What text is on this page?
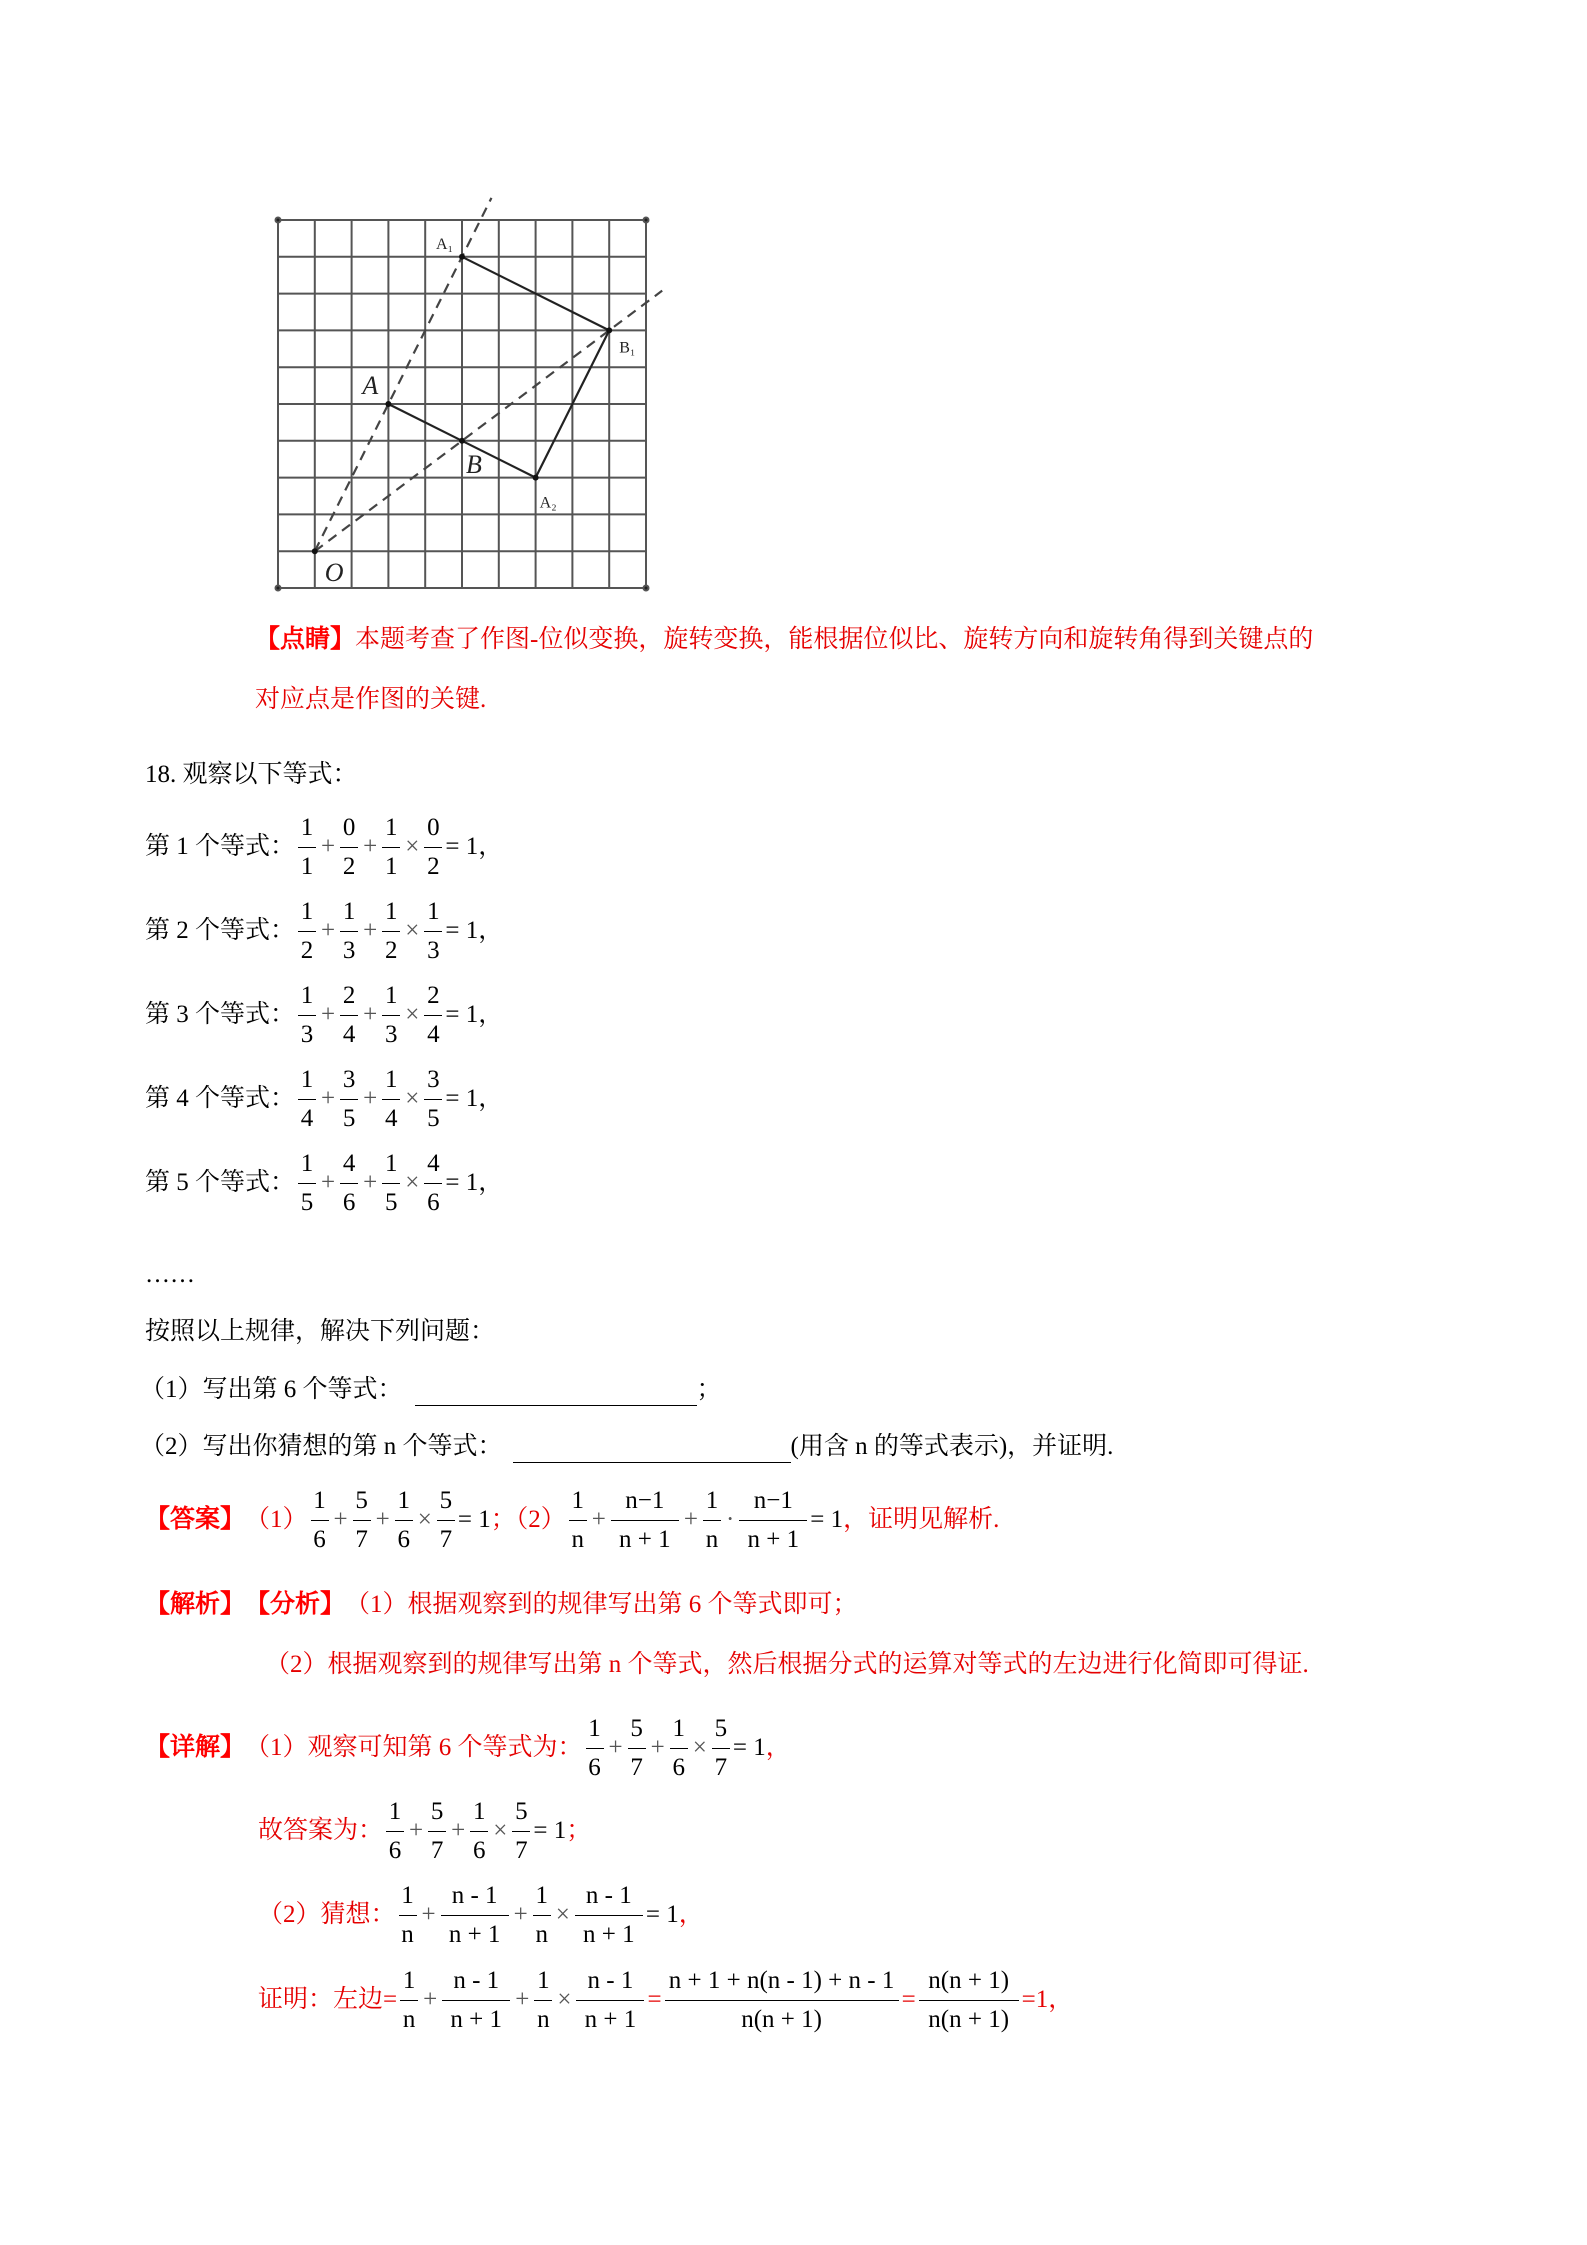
O
A
B
A₁
B₁
A₂
【点睛】 本题考查了作图-位似变换，旋转变换，能根据位似比、旋转方向和旋转角得到关键点的
对应点是作图的关键.
18. 观察以下等式：
第 1 个等式： $\frac{1}{1} + \frac{0}{2} + \frac{1}{1} \times \frac{0}{2} = 1$，
第 2 个等式： $\frac{1}{2} + \frac{1}{3} + \frac{1}{2} \times \frac{1}{3} = 1$，
第 3 个等式： $\frac{1}{3} + \frac{2}{4} + \frac{1}{3} \times \frac{2}{4} = 1$，
第 4 个等式： $\frac{1}{4} + \frac{3}{5} + \frac{1}{4} \times \frac{3}{5} = 1$，
第 5 个等式： $\frac{1}{5} + \frac{4}{6} + \frac{1}{5} \times \frac{4}{6} = 1$，
……
按照以上规律，解决下列问题：
（1）写出第 6 个等式：	；
（2）写出你猜想的第 n 个等式：	(用含 n 的等式表示)，并证明.
【答案】 $(1) \frac{1}{6} + \frac{5}{7} + \frac{1}{6} \times \frac{5}{7} = 1$ ；$(2) \frac{1}{n} + \frac{n-1}{n + 1} + \frac{1}{n} \cdot \frac{n-1}{n + 1} = 1$ ，证明见解析.
【解析】 【分析】 （1）根据观察到的规律写出第 6 个等式即可；
（2）根据观察到的规律写出第 n 个等式，然后根据分式的运算对等式的左边进行化简即可得证.
【详解】 （1）观察可知第 6 个等式为： $\frac{1}{6} + \frac{5}{7} + \frac{1}{6} \times \frac{5}{7} = 1$ ，
故答案为： $\frac{1}{6} + \frac{5}{7} + \frac{1}{6} \times \frac{5}{7} = 1$ ；
（2）猜想： $\frac{1}{n} + \frac{n - 1}{n + 1} + \frac{1}{n} \times \frac{n - 1}{n + 1} = 1$ ，
证明：左边 = $\frac{1}{n} + \frac{n - 1}{n + 1} + \frac{1}{n} \times \frac{n - 1}{n + 1} = \frac{n + 1 + n(n - 1) + n - 1}{n(n + 1)} = \frac{n(n + 1)}{n(n + 1)} =1$，
